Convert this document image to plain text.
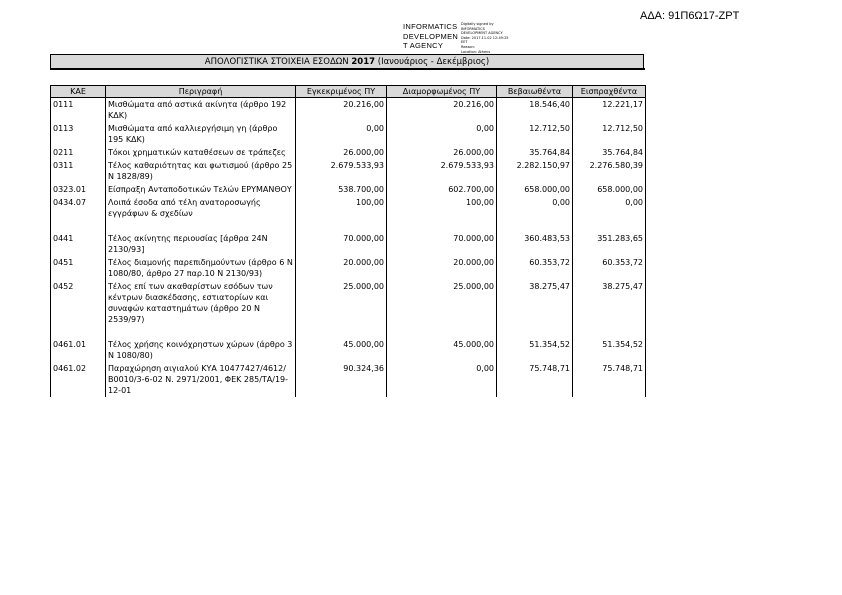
ΑΔΑ: 91Π6Ω17-ΖΡΤ
INFORMATICS
DEVELOPMEN
T AGENCY
Digitally signed by
INFORMATICS
DEVELOPMENT AGENCY
Date: 2017.11.02 12:49:25
EET
Reason:
Location: Athens
ΑΠΟΛΟΓΙΣΤΙΚΑ ΣΤΟΙΧΕΙΑ ΕΣΟΔΩΝ 2017 (Ιανουάριος - Δεκέμβριος)
ΚΑΕ	Περιγραφή	Εγκεκριμένος ΠΥ	Διαμορφωμένος ΠΥ	Βεβαιωθέντα	Εισπραχθέντα
0111	Μισθώματα από αστικά ακίνητα (άρθρο 192 ΚΔΚ)	20.216,00	20.216,00	18.546,40	12.221,17
0113	Μισθώματα από καλλιεργήσιμη γη (άρθρο 195 ΚΔΚ)	0,00	0,00	12.712,50	12.712,50
0211	Τόκοι χρηματικών καταθέσεων σε τράπεζες	26.000,00	26.000,00	35.764,84	35.764,84
0311	Τέλος καθαριότητας και φωτισμού (άρθρο 25 Ν 1828/89)	2.679.533,93	2.679.533,93	2.282.150,97	2.276.580,39
0323.01	Είσπραξη Ανταποδοτικών Τελών ΕΡΥΜΑΝΘΟΥ	538.700,00	602.700,00	658.000,00	658.000,00
0434.07	Λοιπά έσοδα από τέλη ανατοροσωγής εγγράφων & σχεδίων	100,00	100,00	0,00	0,00

0441	Τέλος ακίνητης περιουσίας [άρθρα 24Ν 2130/93]	70.000,00	70.000,00	360.483,53	351.283,65
0451	Τέλος διαμονής παρεπιδημούντων (άρθρο 6 Ν 1080/80, άρθρο 27 παρ.10 Ν 2130/93)	20.000,00	20.000,00	60.353,72	60.353,72
0452	Τέλος επί των ακαθαρίστων εσόδων των κέντρων διασκέδασης, εστιατορίων και συναφών καταστημάτων (άρθρο 20 Ν 2539/97)	25.000,00	25.000,00	38.275,47	38.275,47

0461.01	Τέλος χρήσης κοινόχρηστων χώρων (άρθρο 3 Ν 1080/80)	45.000,00	45.000,00	51.354,52	51.354,52
0461.02	Παραχώρηση αιγιαλού ΚΥΑ 10477427/4612/Β0010/3-6-02 Ν. 2971/2001, ΦΕΚ 285/ΤΑ/19-12-01	90.324,36	0,00	75.748,71	75.748,71
